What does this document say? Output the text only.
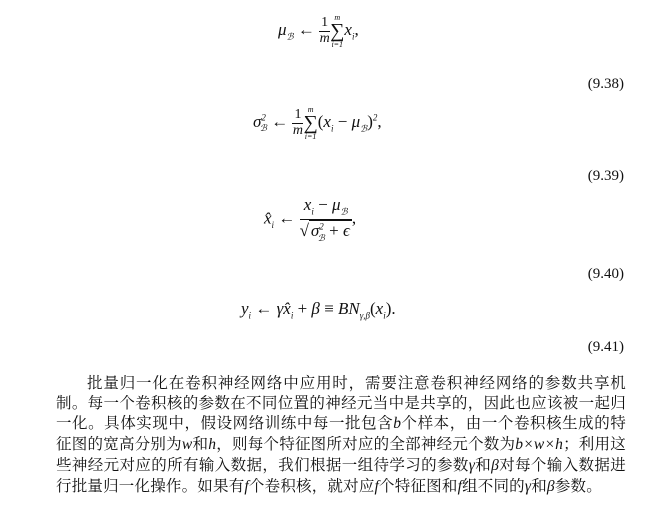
$\mu_ℬ$ ← $\frac{1}{m}$ m
∑
i=1
$x_i$,
(9.38)
$\sigma^2_ℬ$ ← $\frac{1}{m}$ m
∑
i=1
$(x_i - \mu_ℬ)^2$,
(9.39)
$x̂_i$ ← $\frac{x_i - \mu_ℬ}{√ \sigma^2_ℬ + \epsilon}$ ,
(9.40)
$y_i$ ← $\gamma x̂_i + \beta \equiv BN_{\gamma,\beta}(x_i)$.
(9.41)
批量归一化在卷积神经网络中应用时，需要注意卷积神经网络的参数共享机制。每一个卷积核的参数在不同位置的神经元当中是共享的，因此也应该被一起归一化。具体实现中，假设网络训练中每一批包含b个样本，由一个卷积核生成的特征图的宽高分别为w和h，则每个特征图所对应的全部神经元个数为b×w×h；利用这些神经元对应的所有输入数据，我们根据一组待学习的参数γ和β对每个输入数据进行批量归一化操作。如果有f个卷积核，就对应f个特征图和f组不同的γ和β参数。
